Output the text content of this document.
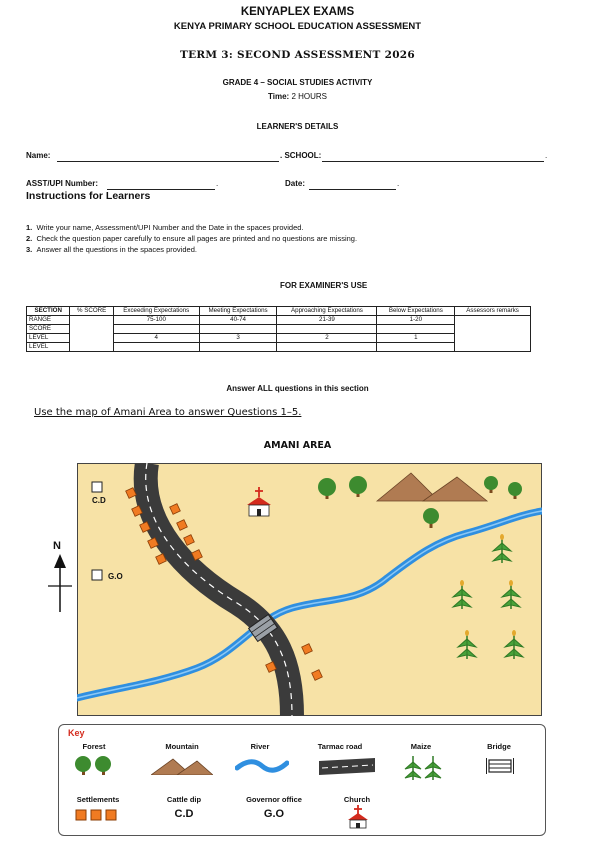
KENYAPLEX EXAMS
KENYA PRIMARY SCHOOL EDUCATION ASSESSMENT
TERM 3: SECOND ASSESSMENT 2026
GRADE 4 – SOCIAL STUDIES ACTIVITY
Time: 2 HOURS
LEARNER'S DETAILS
Name:	. SCHOOL:	.
ASST/UPI Number:	.	Date:	.
Instructions for Learners
1. Write your name, Assessment/UPI Number and the Date in the spaces provided.
2. Check the question paper carefully to ensure all pages are printed and no questions are missing.
3. Answer all the questions in the spaces provided.
FOR EXAMINER'S USE
SECTION	% SCORE	Exceeding Expectations	Meeting Expectations	Approaching Expectations	Below Expectations	Assessors remarks
RANGE		75-100	40-74	21-39	1-20	
SCORE						
LEVEL		4	3	2	1	
LEVEL						
Answer ALL questions in this section
Use the map of Amani Area to answer Questions 1–5.
AMANI AREA
N
C.D
G.O
Key
Forest	Mountain	River	Tarmac road	Maize	Bridge
Settlements	Cattle dip
C.D
Governor office
G.O
Church
